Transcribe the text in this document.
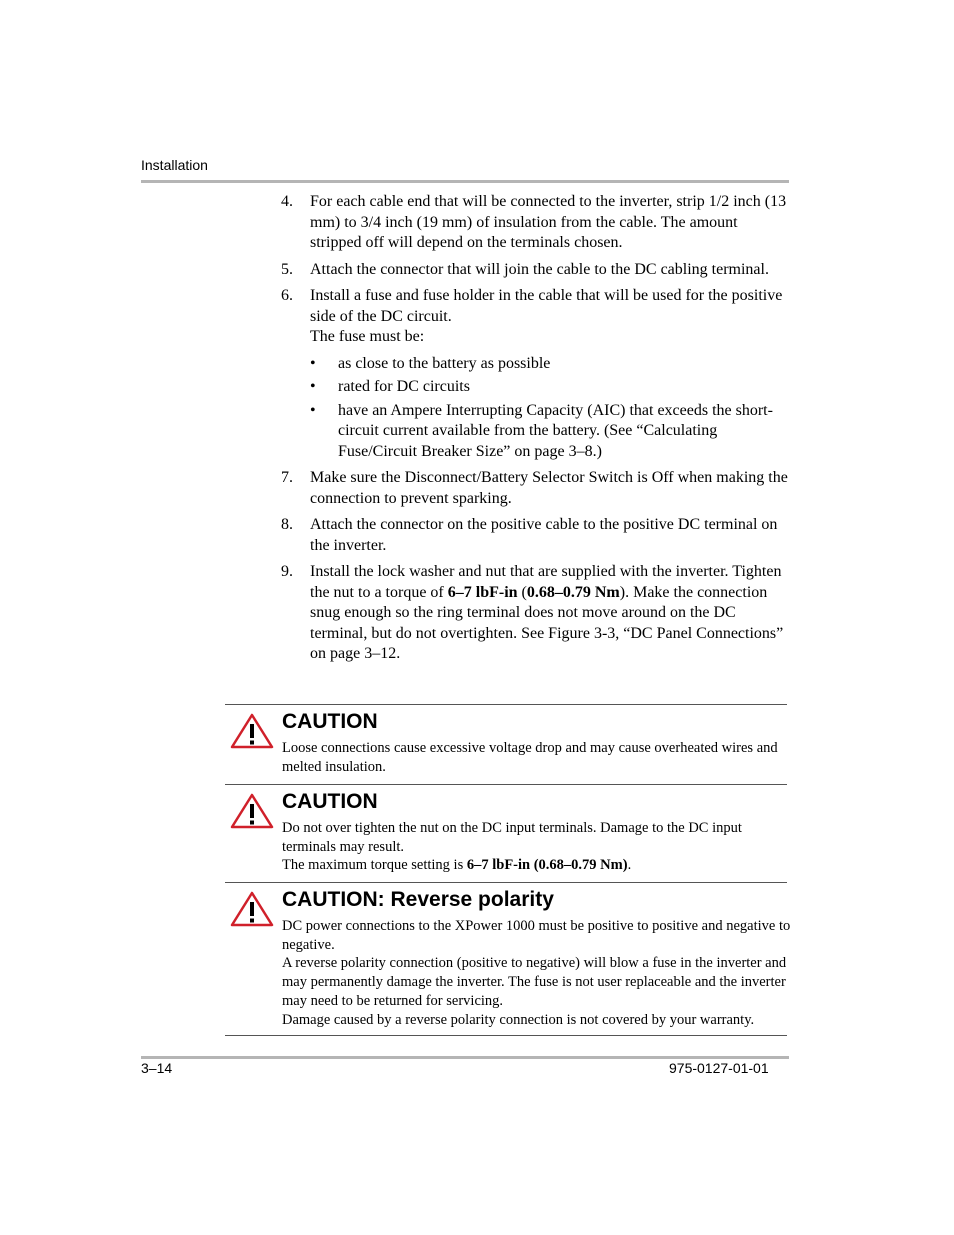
Installation
4. For each cable end that will be connected to the inverter, strip 1/2 inch (13 mm) to 3/4 inch (19 mm) of insulation from the cable. The amount stripped off will depend on the terminals chosen.
5. Attach the connector that will join the cable to the DC cabling terminal.
6. Install a fuse and fuse holder in the cable that will be used for the positive side of the DC circuit.
The fuse must be:
• as close to the battery as possible
• rated for DC circuits
• have an Ampere Interrupting Capacity (AIC) that exceeds the short-circuit current available from the battery. (See “Calculating Fuse/Circuit Breaker Size” on page 3–8.)
7. Make sure the Disconnect/Battery Selector Switch is Off when making the connection to prevent sparking.
8. Attach the connector on the positive cable to the positive DC terminal on the inverter.
9. Install the lock washer and nut that are supplied with the inverter. Tighten the nut to a torque of 6–7 lbF-in (0.68–0.79 Nm). Make the connection snug enough so the ring terminal does not move around on the DC terminal, but do not overtighten. See Figure 3-3, “DC Panel Connections” on page 3–12.
CAUTION
Loose connections cause excessive voltage drop and may cause overheated wires and melted insulation.
CAUTION
Do not over tighten the nut on the DC input terminals. Damage to the DC input terminals may result.
The maximum torque setting is 6–7 lbF-in (0.68–0.79 Nm).
CAUTION: Reverse polarity
DC power connections to the XPower 1000 must be positive to positive and negative to negative.
A reverse polarity connection (positive to negative) will blow a fuse in the inverter and may permanently damage the inverter. The fuse is not user replaceable and the inverter may need to be returned for servicing.
Damage caused by a reverse polarity connection is not covered by your warranty.
3–14	975-0127-01-01
